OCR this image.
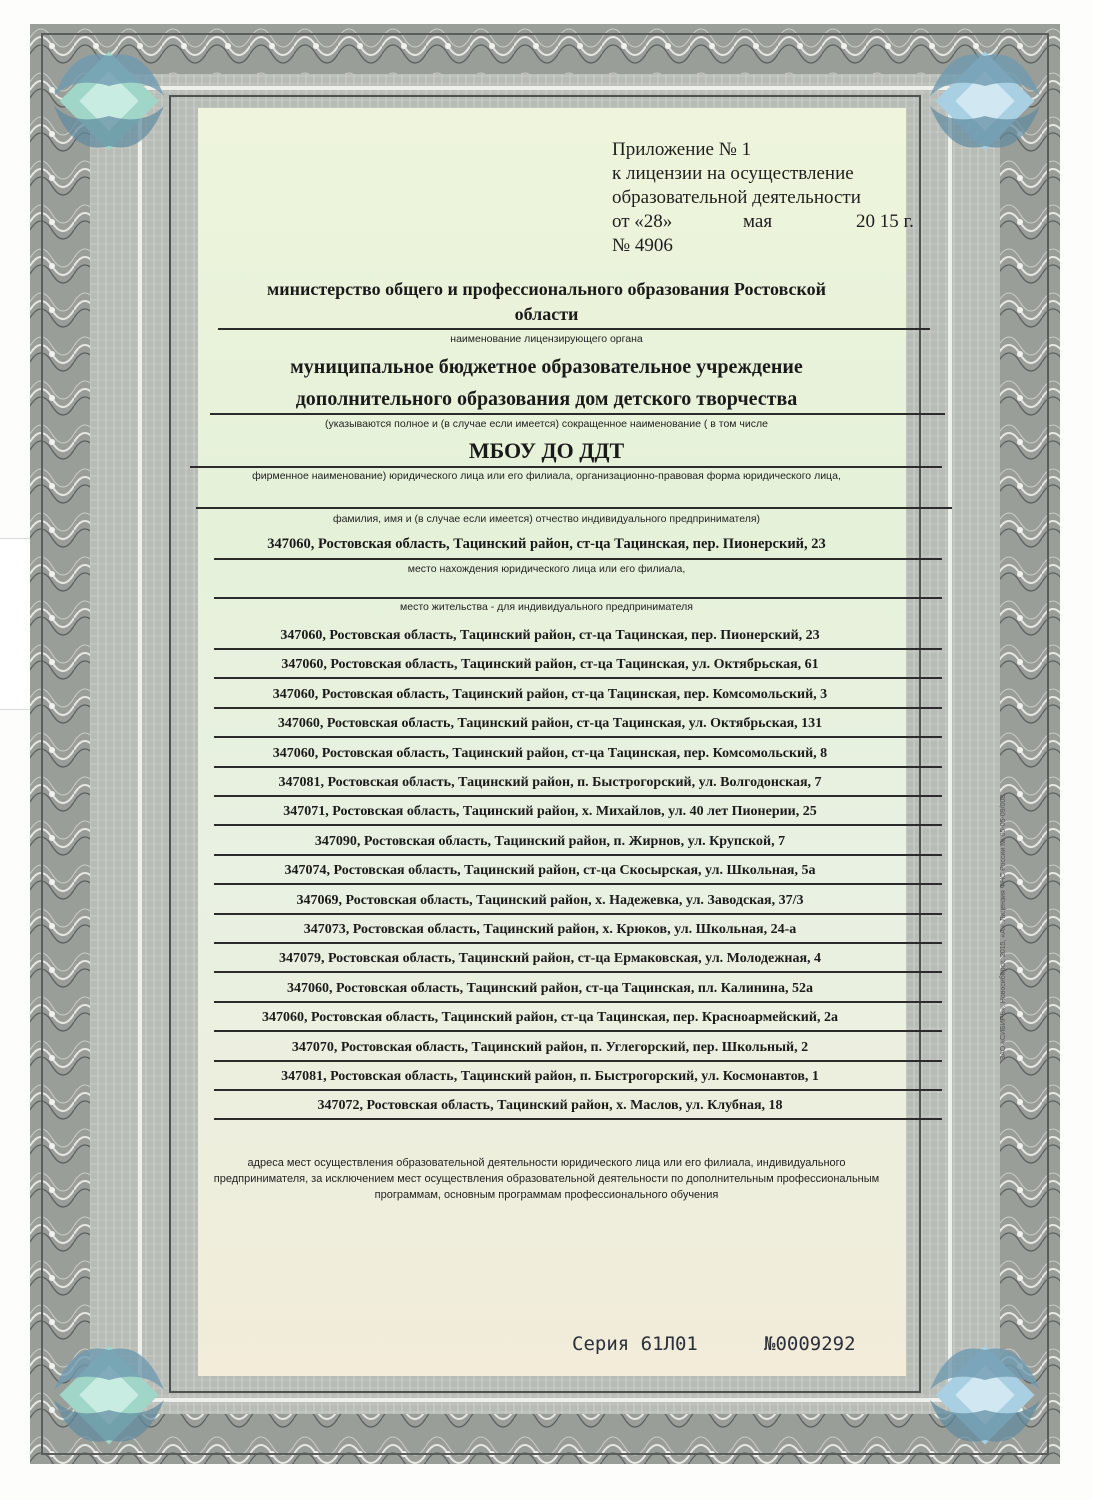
Приложение № 1
к лицензии на осуществление
образовательной деятельности
от «28»	мая	20 15 г.
№ 4906
министерство общего и профессионального образования Ростовской
области
наименование лицензирующего органа
муниципальное бюджетное образовательное учреждение
дополнительного образования дом детского творчества
(указываются полное и (в случае если имеется) сокращенное наименование ( в том числе
МБОУ ДО ДДТ
фирменное наименование) юридического лица или его филиала, организационно-правовая форма юридического лица,
фамилия, имя и (в случае если имеется) отчество индивидуального предпринимателя)
347060, Ростовская область, Тацинский район, ст-ца Тацинская, пер. Пионерский, 23
место нахождения юридического лица или его филиала,
место жительства - для индивидуального предпринимателя
347060, Ростовская область, Тацинский район, ст-ца Тацинская, пер. Пионерский, 23
347060, Ростовская область, Тацинский район, ст-ца Тацинская, ул. Октябрьская, 61
347060, Ростовская область, Тацинский район, ст-ца Тацинская, пер. Комсомольский, 3
347060, Ростовская область, Тацинский район, ст-ца Тацинская, ул. Октябрьская, 131
347060, Ростовская область, Тацинский район, ст-ца Тацинская, пер. Комсомольский, 8
347081, Ростовская область, Тацинский район, п. Быстрогорский, ул. Волгодонская, 7
347071, Ростовская область, Тацинский район, х. Михайлов, ул. 40 лет Пионерии, 25
347090, Ростовская область, Тацинский район, п. Жирнов, ул. Крупской, 7
347074, Ростовская область, Тацинский район, ст-ца Скосырская, ул. Школьная, 5а
347069, Ростовская область, Тацинский район, х. Надежевка, ул. Заводская, 37/3
347073, Ростовская область, Тацинский район, х. Крюков, ул. Школьная, 24-а
347079, Ростовская область, Тацинский район, ст-ца Ермаковская, ул. Молодежная, 4
347060, Ростовская область, Тацинский район, ст-ца Тацинская, пл. Калинина, 52а
347060, Ростовская область, Тацинский район, ст-ца Тацинская, пер. Красноармейский, 2а
347070, Ростовская область, Тацинский район, п. Углегорский, пер. Школьный, 2
347081, Ростовская область, Тацинский район, п. Быстрогорский, ул. Космонавтов, 1
347072, Ростовская область, Тацинский район, х. Маслов, ул. Клубная, 18
адреса мест осуществления образовательной деятельности юридического лица или его филиала, индивидуального
предпринимателя, за исключением мест осуществления образовательной деятельности по дополнительным профессиональным
программам, основным программам профессионального обучения
Серия 61Л01	№0009292
ЗАО «СИБИРЬ», Новосибирск, 2015, «А». Лицензия ФНС России № 05-05-09/008.
